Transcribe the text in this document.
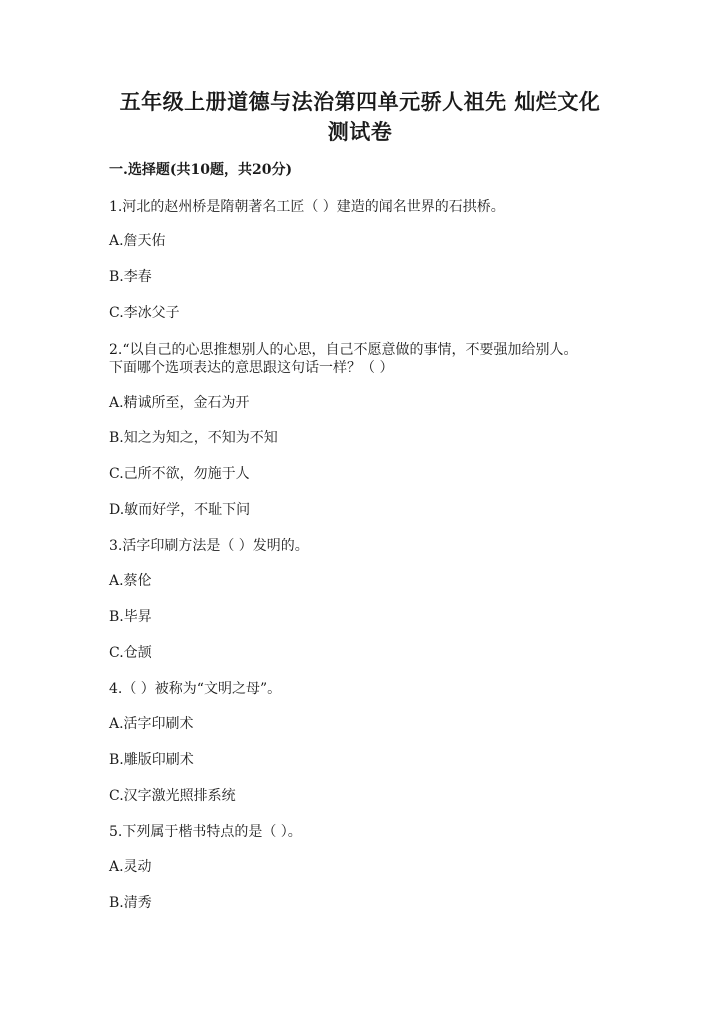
五年级上册道德与法治第四单元骄人祖先 灿烂文化
测试卷
一.选择题(共10题，共20分)
1.河北的赵州桥是隋朝著名工匠（ ）建造的闻名世界的石拱桥。
A.詹天佑
B.李春
C.李冰父子
2.“以自己的心思推想别人的心思，自己不愿意做的事情，不要强加给别人。
下面哪个选项表达的意思跟这句话一样？（ ）
A.精诚所至，金石为开
B.知之为知之，不知为不知
C.己所不欲，勿施于人
D.敏而好学，不耻下问
3.活字印刷方法是（ ）发明的。
A.蔡伦
B.毕昇
C.仓颉
4.（ ）被称为“文明之母”。
A.活字印刷术
B.雕版印刷术
C.汉字激光照排系统
5.下列属于楷书特点的是（ ）。
A.灵动
B.清秀
